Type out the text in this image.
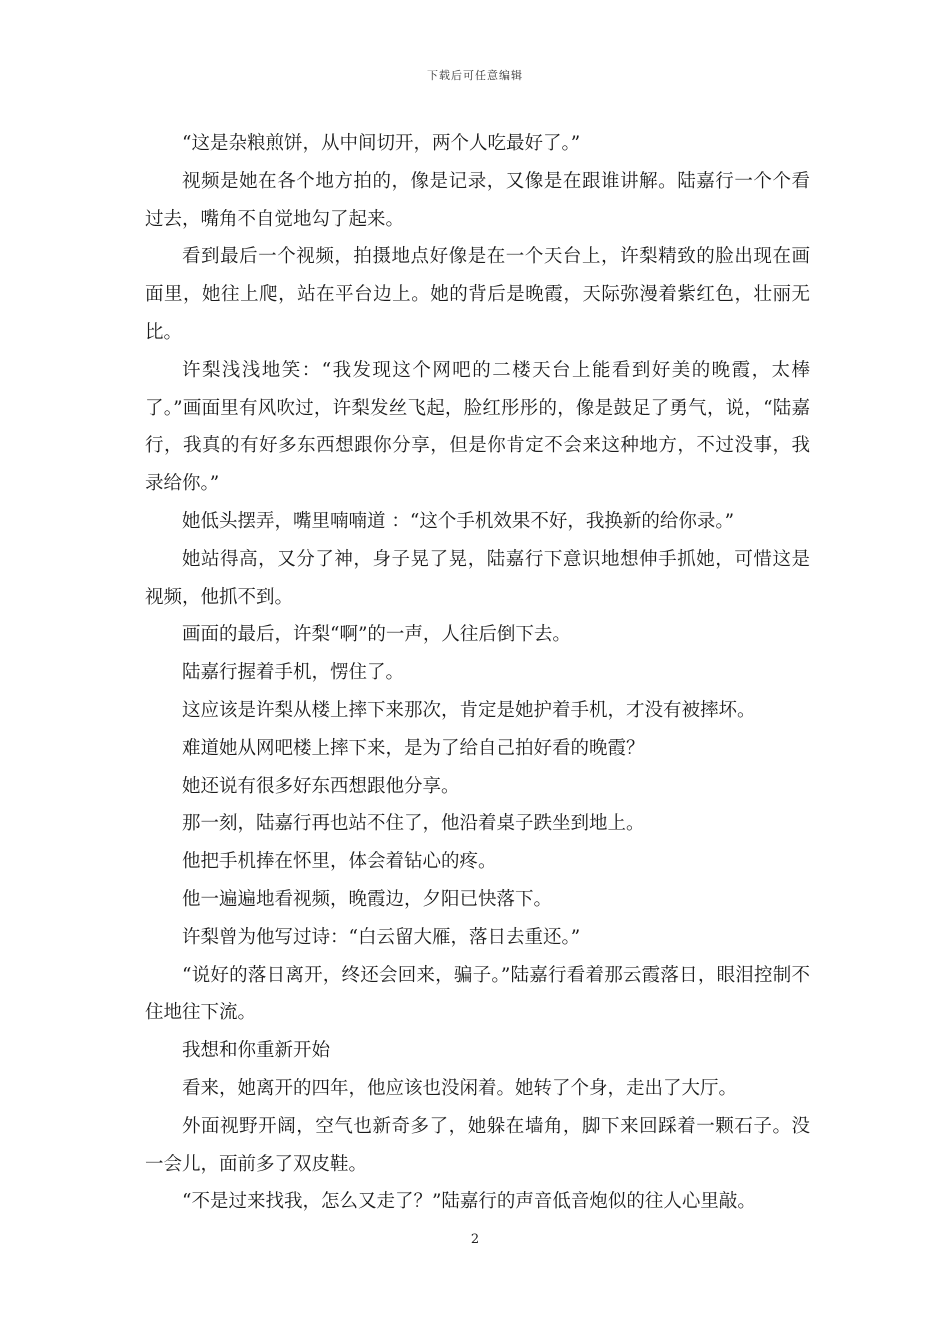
下载后可任意编辑

“这是杂粮煎饼，从中间切开，两个人吃最好了。”

视频是她在各个地方拍的，像是记录，又像是在跟谁讲解。陆嘉行一个个看过去，嘴角不自觉地勾了起来。

看到最后一个视频，拍摄地点好像是在一个天台上，许梨精致的脸出现在画面里，她往上爬，站在平台边上。她的背后是晚霞，天际弥漫着紫红色，壮丽无比。

许梨浅浅地笑：“我发现这个网吧的二楼天台上能看到好美的晚霞，太棒了。”画面里有风吹过，许梨发丝飞起，脸红彤彤的，像是鼓足了勇气，说，“陆嘉行，我真的有好多东西想跟你分享，但是你肯定不会来这种地方，不过没事，我录给你。”

她低头摆弄，嘴里喃喃道 ：“这个手机效果不好，我换新的给你录。”

她站得高，又分了神，身子晃了晃，陆嘉行下意识地想伸手抓她，可惜这是视频，他抓不到。

画面的最后，许梨“啊”的一声，人往后倒下去。

陆嘉行握着手机，愣住了。

这应该是许梨从楼上摔下来那次，肯定是她护着手机，才没有被摔坏。

难道她从网吧楼上摔下来，是为了给自己拍好看的晚霞？

她还说有很多好东西想跟他分享。

那一刻，陆嘉行再也站不住了，他沿着桌子跌坐到地上。

他把手机捧在怀里，体会着钻心的疼。

他一遍遍地看视频，晚霞边，夕阳已快落下。

许梨曾为他写过诗：“白云留大雁，落日去重还。”

“说好的落日离开，终还会回来，骗子。”陆嘉行看着那云霞落日，眼泪控制不住地往下流。

我想和你重新开始

看来，她离开的四年，他应该也没闲着。她转了个身，走出了大厅。

外面视野开阔，空气也新奇多了，她躲在墙角，脚下来回踩着一颗石子。没一会儿，面前多了双皮鞋。

“不是过来找我，怎么又走了？”陆嘉行的声音低音炮似的往人心里敲。

2
